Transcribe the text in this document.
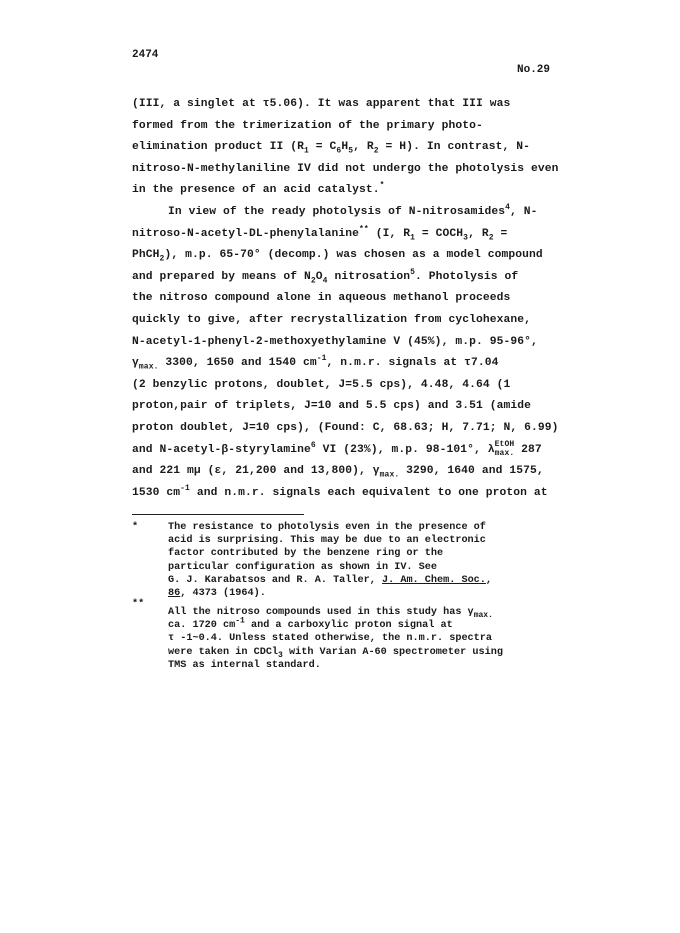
2474
No.29
(III, a singlet at τ5.06). It was apparent that III was
formed from the trimerization of the primary photo-
elimination product II ($R_1 = C_6H_5$, $R_2 = H$). In contrast, N-
nitroso-N-methylaniline IV did not undergo the photolysis even
in the presence of an acid catalyst.*
In view of the ready photolysis of N-nitrosamides$^4$, N-
nitroso-N-acetyl-DL-phenylalanine** (I, $R_1$ = $COCH_3$, $R_2$ =
PhCH$_2$), m.p. 65-70° (decomp.) was chosen as a model compound
and prepared by means of $N_2O_4$ nitrosation$^5$. Photolysis of
the nitroso compound alone in aqueous methanol proceeds
quickly to give, after recrystallization from cyclohexane,
N-acetyl-1-phenyl-2-methoxyethylamine V (45%), m.p. 95-96°,
$\gamma_{max.}$ 3300, 1650 and 1540 $cm^{-1}$, n.m.r. signals at τ7.04
(2 benzylic protons, doublet, J=5.5 cps), 4.48, 4.64 (1
proton,pair of triplets, J=10 and 5.5 cps) and 3.51 (amide
proton doublet, J=10 cps), (Found: C, 68.63; H, 7.71; N, 6.99)
and N-acetyl-β-styrylamine$^6$ VI (23%), m.p. 98-101°, λEtOH
max. 287
and 221 mμ (ε, 21,200 and 13,800), $\gamma_{max.}$ 3290, 1640 and 1575,
1530 $cm^{-1}$ and n.m.r. signals each equivalent to one proton at
*	The resistance to photolysis even in the presence of
acid is surprising. This may be due to an electronic
factor contributed by the benzene ring or the
particular configuration as shown in IV. See
G. J. Karabatsos and R. A. Taller, J. Am. Chem. Soc.,
86, 4373 (1964).
**
All the nitroso compounds used in this study has $\gamma_{max.}$
ca. 1720 $cm^{-1}$ and a carboxylic proton signal at
τ -1~0.4. Unless stated otherwise, the n.m.r. spectra
were taken in CDCl$_3$ with Varian A-60 spectrometer using
TMS as internal standard.
